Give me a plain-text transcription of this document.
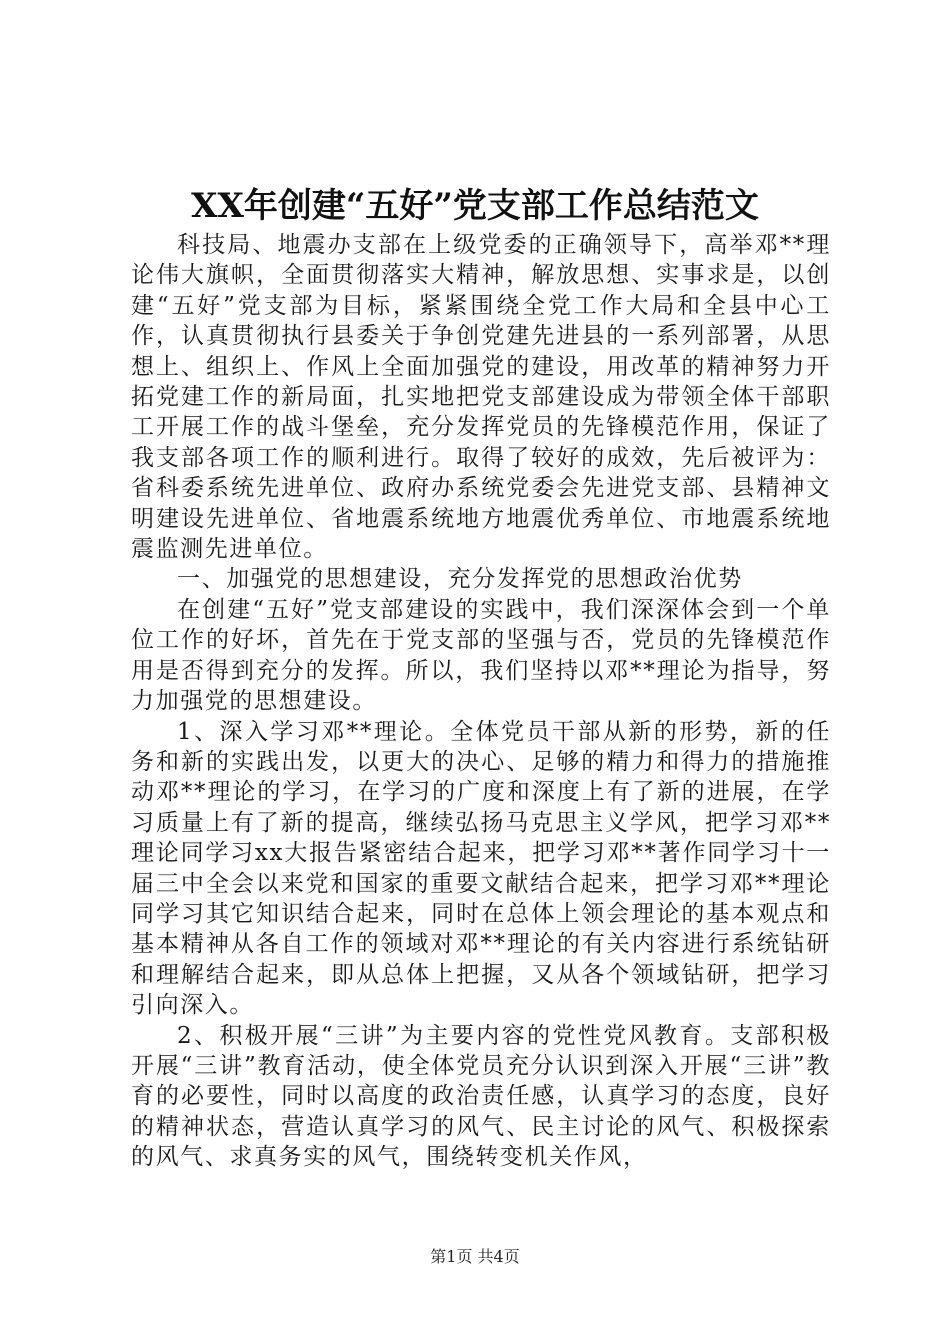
XX年创建“五好”党支部工作总结范文

科技局、地震办支部在上级党委的正确领导下，高举邓**理论伟大旗帜，全面贯彻落实大精神，解放思想、实事求是，以创建“五好”党支部为目标，紧紧围绕全党工作大局和全县中心工作，认真贯彻执行县委关于争创党建先进县的一系列部署，从思想上、组织上、作风上全面加强党的建设，用改革的精神努力开拓党建工作的新局面，扎实地把党支部建设成为带领全体干部职工开展工作的战斗堡垒，充分发挥党员的先锋模范作用，保证了我支部各项工作的顺利进行。取得了较好的成效，先后被评为：省科委系统先进单位、政府办系统党委会先进党支部、县精神文明建设先进单位、省地震系统地方地震优秀单位、市地震系统地震监测先进单位。

一、加强党的思想建设，充分发挥党的思想政治优势

在创建“五好”党支部建设的实践中，我们深深体会到一个单位工作的好坏，首先在于党支部的坚强与否，党员的先锋模范作用是否得到充分的发挥。所以，我们坚持以邓**理论为指导，努力加强党的思想建设。

1、深入学习邓**理论。全体党员干部从新的形势，新的任务和新的实践出发，以更大的决心、足够的精力和得力的措施推动邓**理论的学习，在学习的广度和深度上有了新的进展，在学习质量上有了新的提高，继续弘扬马克思主义学风，把学习邓**理论同学习xx大报告紧密结合起来，把学习邓**著作同学习十一届三中全会以来党和国家的重要文献结合起来，把学习邓**理论同学习其它知识结合起来，同时在总体上领会理论的基本观点和基本精神从各自工作的领域对邓**理论的有关内容进行系统钻研和理解结合起来，即从总体上把握，又从各个领域钻研，把学习引向深入。

2、积极开展“三讲”为主要内容的党性党风教育。支部积极开展“三讲”教育活动，使全体党员充分认识到深入开展“三讲”教育的必要性，同时以高度的政治责任感，认真学习的态度，良好的精神状态，营造认真学习的风气、民主讨论的风气、积极探索的风气、求真务实的风气，围绕转变机关作风，

第1页 共4页
